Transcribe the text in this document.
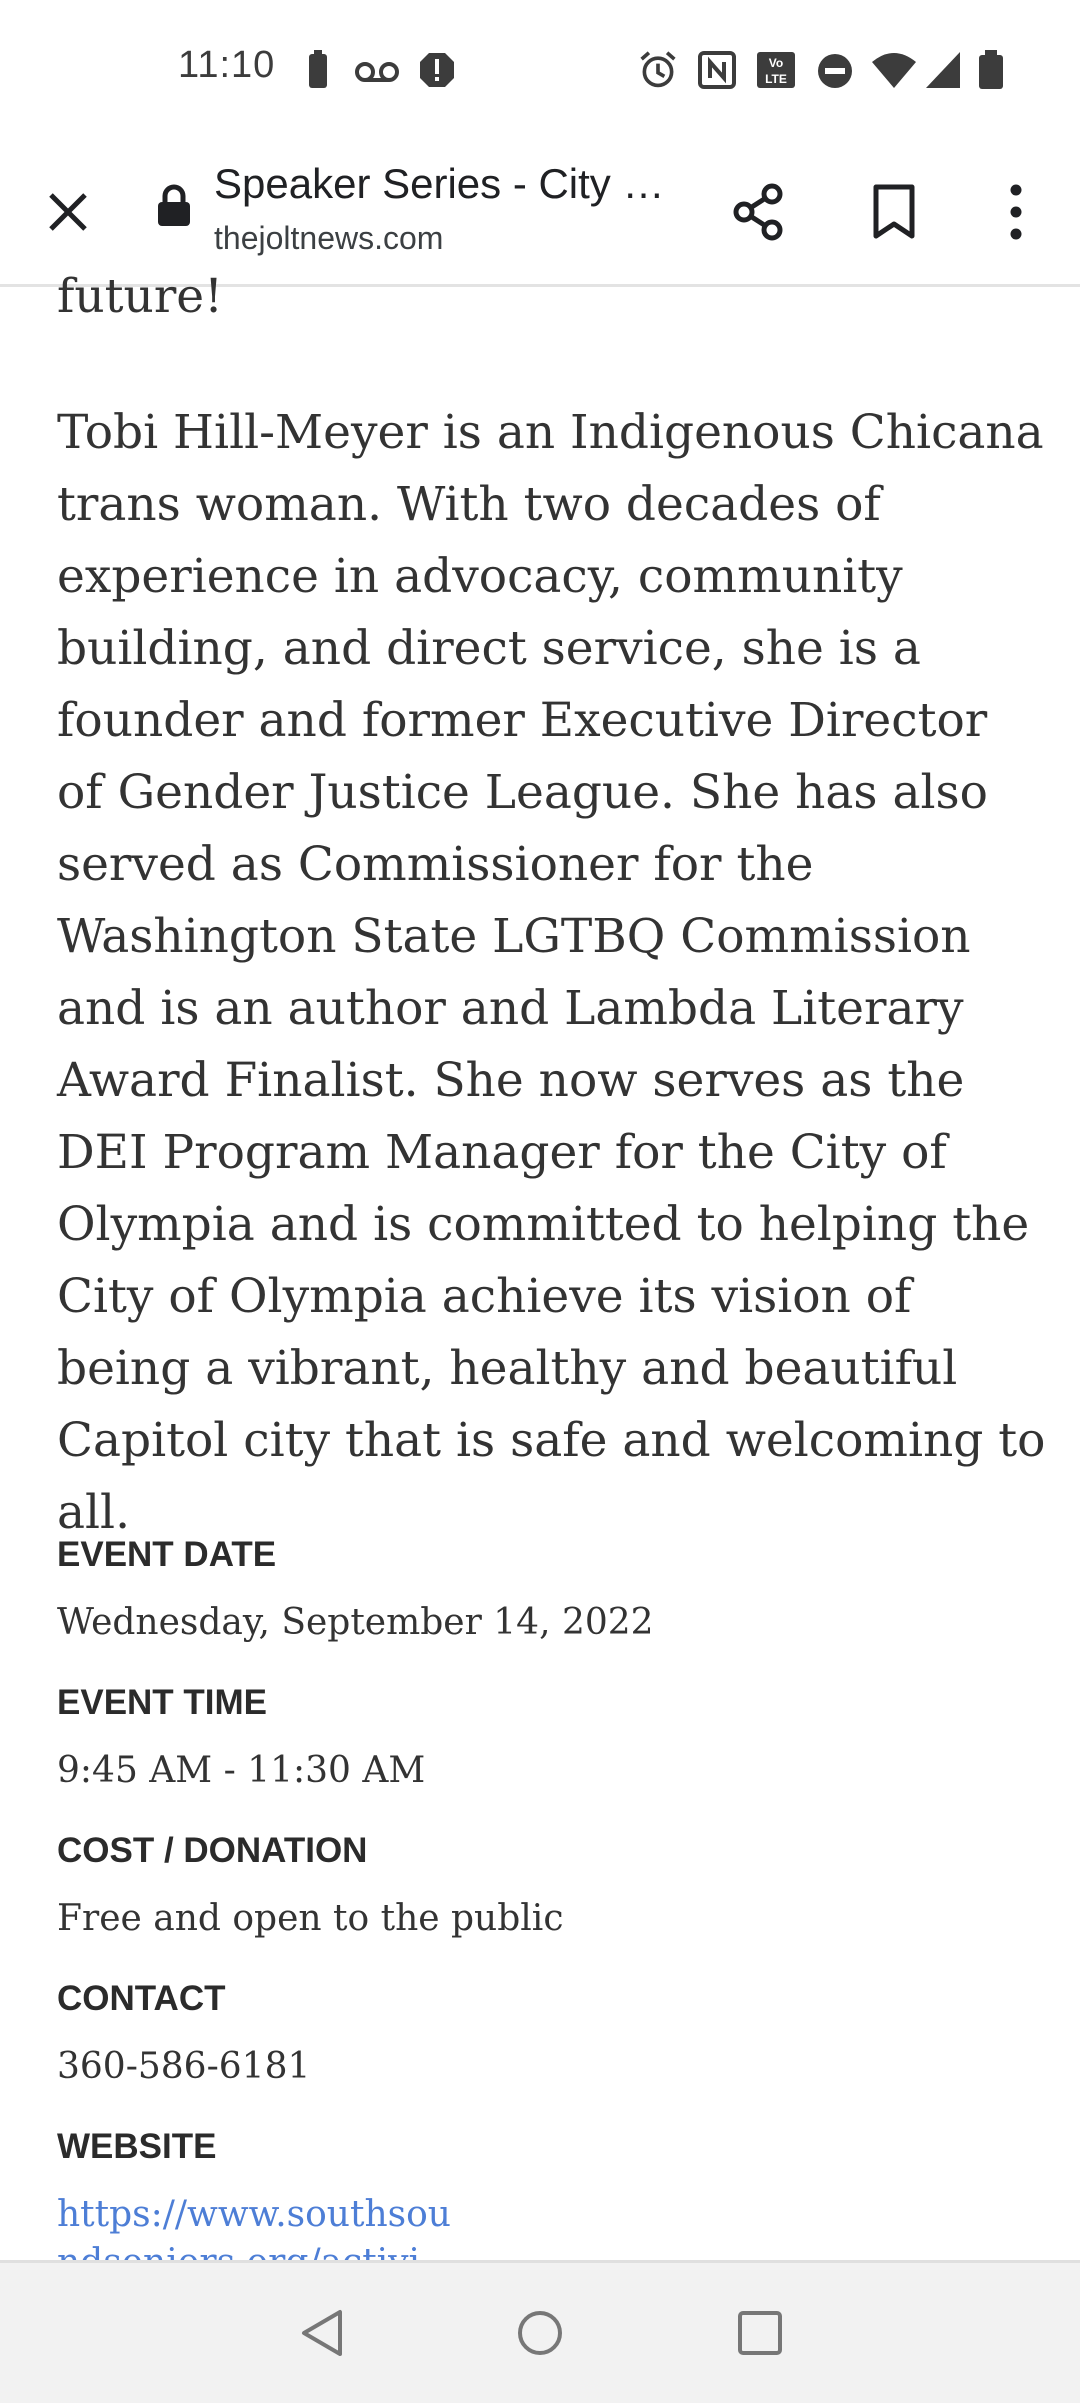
11:10	Vo
LTE
Speaker Series - City …
thejoltnews.com
future!
Tobi Hill-Meyer is an Indigenous Chicana trans woman. With two decades of experience in advocacy, community building, and direct service, she is a founder and former Executive Director of Gender Justice League. She has also served as Commissioner for the Washington State LGTBQ Commission and is an author and Lambda Literary Award Finalist. She now serves as the DEI Program Manager for the City of Olympia and is committed to helping the City of Olympia achieve its vision of being a vibrant, healthy and beautiful Capitol city that is safe and welcoming to all.
EVENT DATE
Wednesday, September 14, 2022
EVENT TIME
9:45 AM - 11:30 AM
COST / DONATION
Free and open to the public
CONTACT
360-586-6181
WEBSITE
https://www.southsou
